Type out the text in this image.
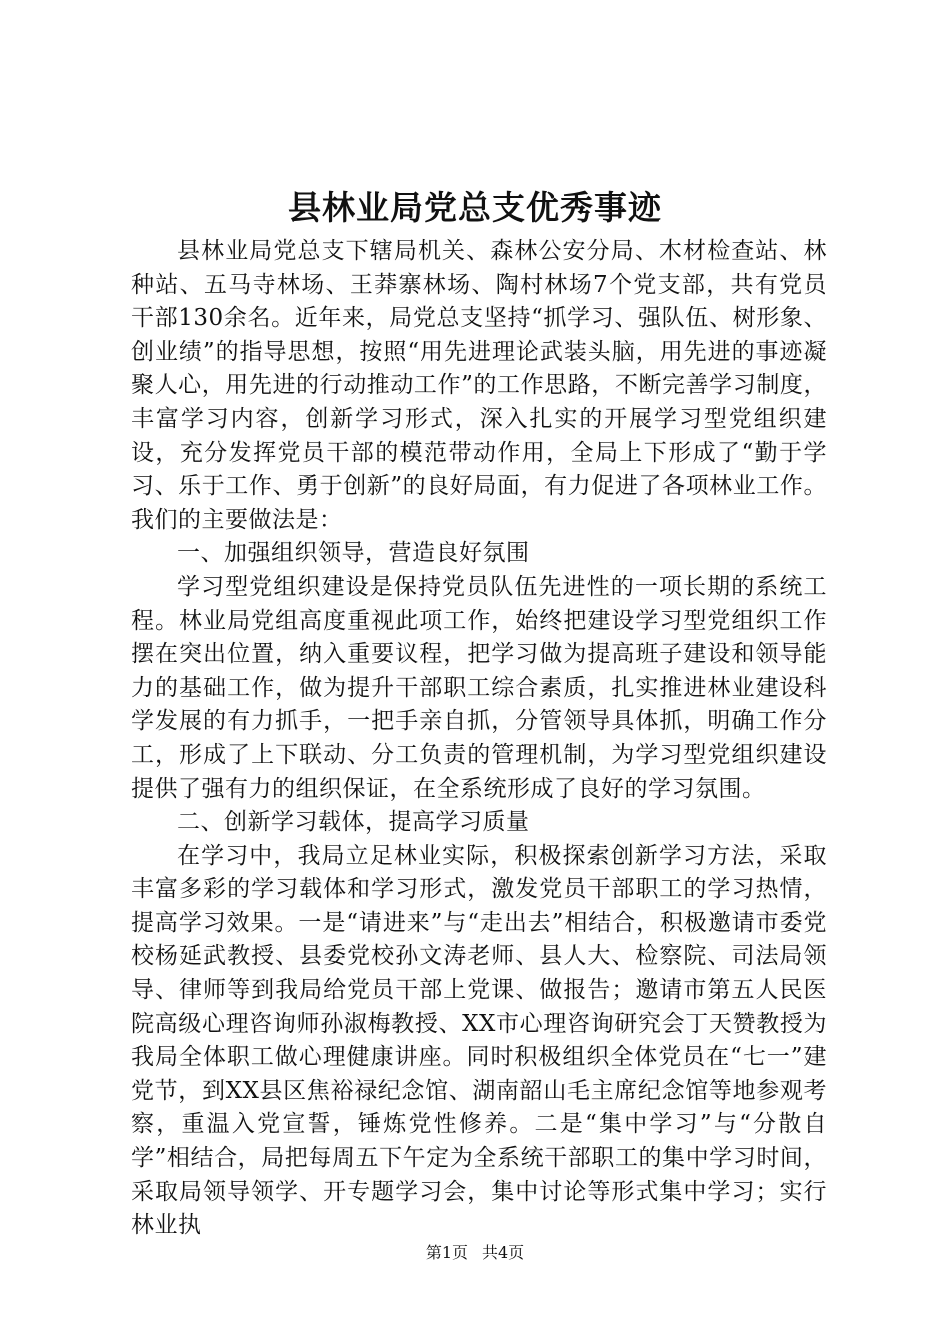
县林业局党总支优秀事迹

县林业局党总支下辖局机关、森林公安分局、木材检查站、林种站、五马寺林场、王莽寨林场、陶村林场7个党支部，共有党员干部130余名。近年来，局党总支坚持“抓学习、强队伍、树形象、创业绩”的指导思想，按照“用先进理论武装头脑，用先进的事迹凝聚人心，用先进的行动推动工作”的工作思路，不断完善学习制度，丰富学习内容，创新学习形式，深入扎实的开展学习型党组织建设，充分发挥党员干部的模范带动作用，全局上下形成了“勤于学习、乐于工作、勇于创新”的良好局面，有力促进了各项林业工作。我们的主要做法是：

一、加强组织领导，营造良好氛围

学习型党组织建设是保持党员队伍先进性的一项长期的系统工程。林业局党组高度重视此项工作，始终把建设学习型党组织工作摆在突出位置，纳入重要议程，把学习做为提高班子建设和领导能力的基础工作，做为提升干部职工综合素质，扎实推进林业建设科学发展的有力抓手，一把手亲自抓，分管领导具体抓，明确工作分工，形成了上下联动、分工负责的管理机制，为学习型党组织建设提供了强有力的组织保证，在全系统形成了良好的学习氛围。

二、创新学习载体，提高学习质量

在学习中，我局立足林业实际，积极探索创新学习方法，采取丰富多彩的学习载体和学习形式，激发党员干部职工的学习热情，提高学习效果。一是“请进来”与“走出去”相结合，积极邀请市委党校杨延武教授、县委党校孙文涛老师、县人大、检察院、司法局领导、律师等到我局给党员干部上党课、做报告；邀请市第五人民医院高级心理咨询师孙淑梅教授、XX市心理咨询研究会丁天赞教授为我局全体职工做心理健康讲座。同时积极组织全体党员在“七一”建党节，到XX县区焦裕禄纪念馆、湖南韶山毛主席纪念馆等地参观考察，重温入党宣誓，锤炼党性修养。二是“集中学习”与“分散自学”相结合，局把每周五下午定为全系统干部职工的集中学习时间，采取局领导领学、开专题学习会，集中讨论等形式集中学习；实行林业执

第1页 共4页
